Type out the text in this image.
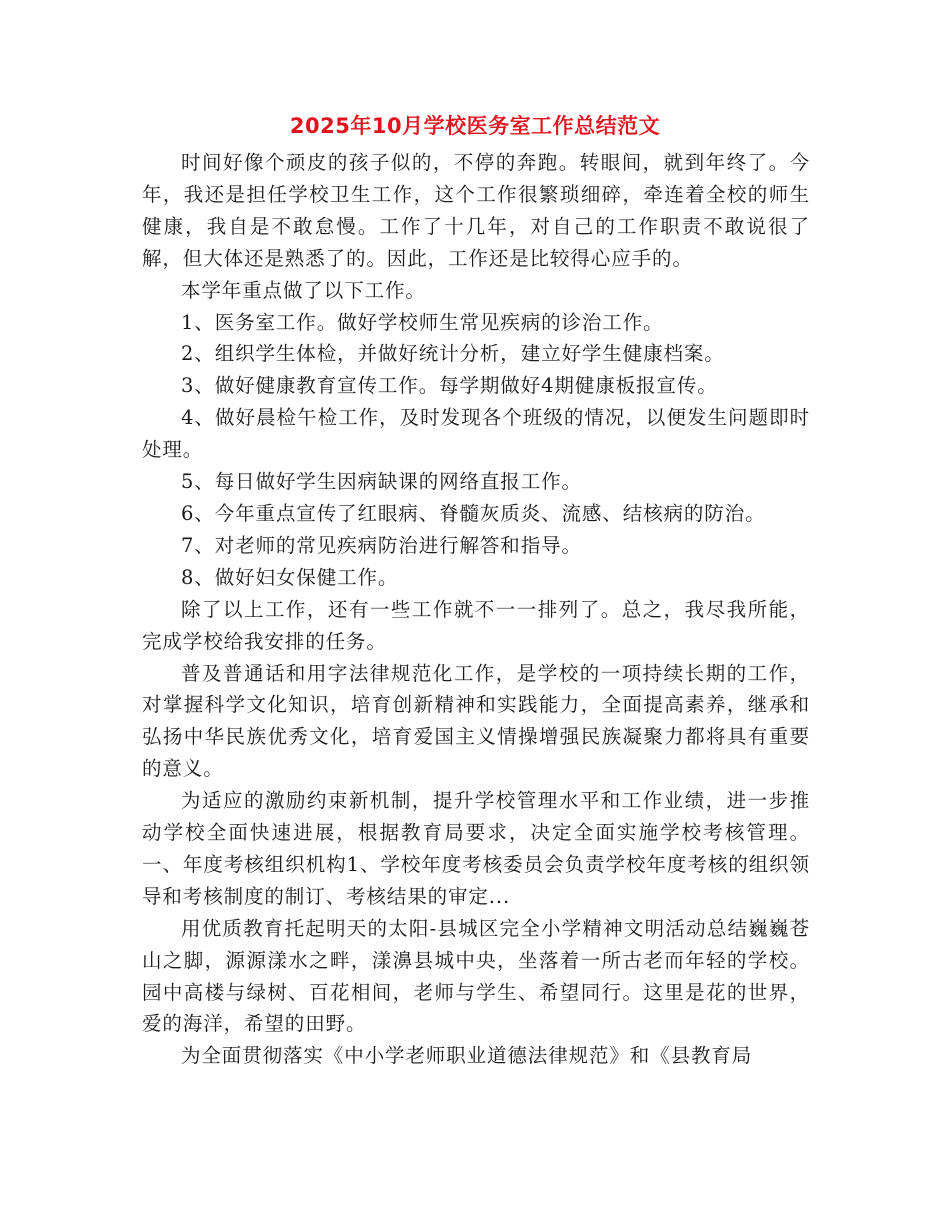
2025年10月学校医务室工作总结范文

时间好像个顽皮的孩子似的，不停的奔跑。转眼间，就到年终了。今年，我还是担任学校卫生工作，这个工作很繁琐细碎，牵连着全校的师生健康，我自是不敢怠慢。工作了十几年，对自己的工作职责不敢说很了解，但大体还是熟悉了的。因此，工作还是比较得心应手的。

本学年重点做了以下工作。

1、医务室工作。做好学校师生常见疾病的诊治工作。

2、组织学生体检，并做好统计分析，建立好学生健康档案。

3、做好健康教育宣传工作。每学期做好4期健康板报宣传。

4、做好晨检午检工作，及时发现各个班级的情况，以便发生问题即时处理。

5、每日做好学生因病缺课的网络直报工作。

6、今年重点宣传了红眼病、脊髓灰质炎、流感、结核病的防治。

7、对老师的常见疾病防治进行解答和指导。

8、做好妇女保健工作。

除了以上工作，还有一些工作就不一一排列了。总之，我尽我所能，完成学校给我安排的任务。

普及普通话和用字法律规范化工作，是学校的一项持续长期的工作，对掌握科学文化知识，培育创新精神和实践能力，全面提高素养，继承和弘扬中华民族优秀文化，培育爱国主义情操增强民族凝聚力都将具有重要的意义。

为适应的激励约束新机制，提升学校管理水平和工作业绩，进一步推动学校全面快速进展，根据教育局要求，决定全面实施学校考核管理。一、年度考核组织机构1、学校年度考核委员会负责学校年度考核的组织领导和考核制度的制订、考核结果的审定...

用优质教育托起明天的太阳-县城区完全小学精神文明活动总结巍巍苍山之脚，源源漾水之畔，漾濞县城中央，坐落着一所古老而年轻的学校。园中高楼与绿树、百花相间，老师与学生、希望同行。这里是花的世界，爱的海洋，希望的田野。

为全面贯彻落实《中小学老师职业道德法律规范》和《县教育局
